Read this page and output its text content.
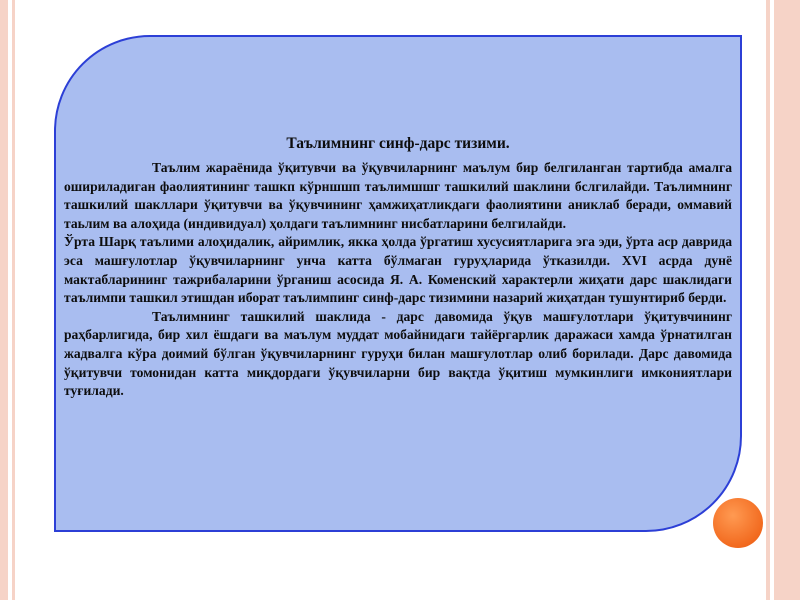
Таълимнинг синф-дарс тизими.

Таълим жараёнида ўқитувчи ва ўқувчиларнинг маълум бир белгиланган тартибда амалга ошириладиган фаолиятининг ташкп кўрншшп таълимшшг ташкилий шаклини бслгилайди. Таълимнинг ташкилий шакллари ўқитувчи ва ўқувчининг ҳамжиҳатликдаги фаолиятини аниклаб беради, оммавий таьлим ва алоҳида (индивидуал) ҳолдаги таълимнинг нисбатларини белгилайди.

Ўрта Шарқ таълими алоҳидалик, айримлик, якка ҳолда ўргатиш хусусиятларига эга эди, ўрта аср даврида эса машғулотлар ўқувчиларнинг унча катта бўлмаган гуруҳларида ўтказилди. XVI асрда дунё мактабларининг тажрибаларини ўрганиш асосида Я. А. Коменский характерли жиҳати дарс шаклидаги таълимпи ташкил этишдан иборат таълимпинг синф-дарс тизимини назарий жиҳатдан тушунтириб берди.

Таълимнинг ташкилий шаклида - дарс давомида ўқув машғулотлари ўқитувчининг раҳбарлигида, бир хил ёшдаги ва маълум муддат мобайнидаги тайёргарлик даражаси хамда ўрнатилган жадвалга кўра доимий бўлган ўқувчиларнинг гуруҳи билан машғулотлар олиб борилади. Дарс давомида ўқитувчи томонидан катта миқдордаги ўқувчиларни бир вақтда ўқитиш мумкинлиги имкониятлари туғилади.
